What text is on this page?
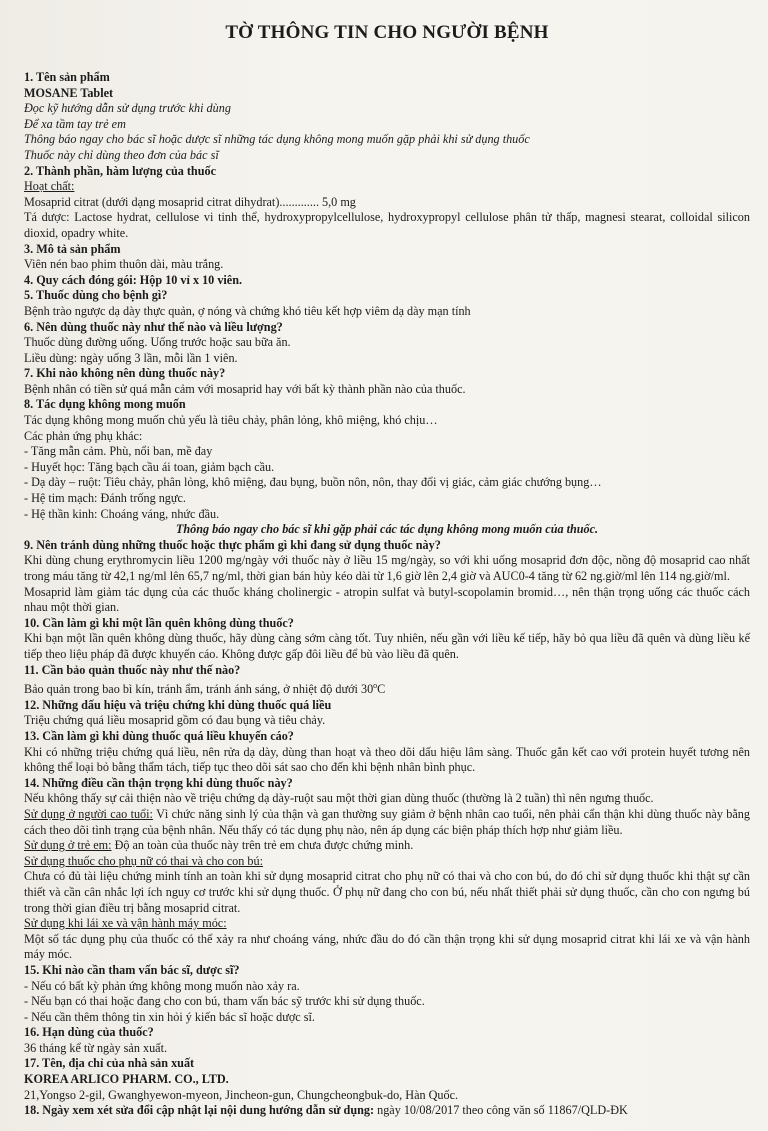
TỜ THÔNG TIN CHO NGƯỜI BỆNH

1. Tên sản phẩm

MOSANE Tablet

Đọc kỹ hướng dẫn sử dụng trước khi dùng

Để xa tầm tay trẻ em

Thông báo ngay cho bác sĩ hoặc dược sĩ những tác dụng không mong muốn gặp phải khi sử dụng thuốc

Thuốc này chỉ dùng theo đơn của bác sĩ

2. Thành phần, hàm lượng của thuốc

Hoạt chất:

Mosaprid citrat (dưới dạng mosaprid citrat dihydrat)............. 5,0 mg

Tá dược: Lactose hydrat, cellulose vi tinh thể, hydroxypropylcellulose, hydroxypropyl cellulose phân tử thấp, magnesi stearat, colloidal silicon dioxid, opadry white.

3. Mô tả sản phẩm

Viên nén bao phim thuôn dài, màu trắng.

4. Quy cách đóng gói: Hộp 10 vỉ x 10 viên.

5. Thuốc dùng cho bệnh gì?

Bệnh trào ngược dạ dày thực quản, ợ nóng và chứng khó tiêu kết hợp viêm dạ dày mạn tính

6. Nên dùng thuốc này như thế nào và liều lượng?

Thuốc dùng đường uống. Uống trước hoặc sau bữa ăn.

Liều dùng: ngày uống 3 lần, mỗi lần 1 viên.

7. Khi nào không nên dùng thuốc này?

Bệnh nhân có tiền sử quá mẫn cảm với mosaprid hay với bất kỳ thành phần nào của thuốc.

8. Tác dụng không mong muốn

Tác dụng không mong muốn chủ yếu là tiêu chảy, phân lỏng, khô miệng, khó chịu…

Các phản ứng phụ khác:

- Tăng mẫn cảm. Phù, nổi ban, mề đay

- Huyết học: Tăng bạch cầu ái toan, giảm bạch cầu.

- Dạ dày – ruột: Tiêu chảy, phân lỏng, khô miệng, đau bụng, buồn nôn, nôn, thay đổi vị giác, cảm giác chướng bụng…

- Hệ tim mạch: Đánh trống ngực.

- Hệ thần kinh: Choáng váng, nhức đầu.

Thông báo ngay cho bác sĩ khi gặp phải các tác dụng không mong muốn của thuốc.

9. Nên tránh dùng những thuốc hoặc thực phẩm gì khi đang sử dụng thuốc này?

Khi dùng chung erythromycin liều 1200 mg/ngày với thuốc này ở liều 15 mg/ngày, so với khi uống mosaprid đơn độc, nồng độ mosaprid cao nhất trong máu tăng từ 42,1 ng/ml lên 65,7 ng/ml, thời gian bán hủy kéo dài từ 1,6 giờ lên 2,4 giờ và AUC0-4 tăng từ 62 ng.giờ/ml lên 114 ng.giờ/ml.

Mosaprid làm giảm tác dụng của các thuốc kháng cholinergic - atropin sulfat và butyl-scopolamin bromid…, nên thận trọng uống các thuốc cách nhau một thời gian.

10. Cần làm gì khi một lần quên không dùng thuốc?

Khi bạn một lần quên không dùng thuốc, hãy dùng càng sớm càng tốt. Tuy nhiên, nếu gần với liều kế tiếp, hãy bỏ qua liều đã quên và dùng liều kế tiếp theo liệu pháp đã được khuyến cáo. Không được gấp đôi liều để bù vào liều đã quên.

11. Cần bảo quản thuốc này như thế nào?

Bảo quản trong bao bì kín, tránh ẩm, tránh ánh sáng, ở nhiệt độ dưới 30$^o$C

12. Những dấu hiệu và triệu chứng khi dùng thuốc quá liều

Triệu chứng quá liều mosaprid gồm có đau bụng và tiêu chảy.

13. Cần làm gì khi dùng thuốc quá liều khuyến cáo?

Khi có những triệu chứng quá liều, nên rửa dạ dày, dùng than hoạt và theo dõi dấu hiệu lâm sàng. Thuốc gắn kết cao với protein huyết tương nên không thể loại bỏ bằng thẩm tách, tiếp tục theo dõi sát sao cho đến khi bệnh nhân bình phục.

14. Những điều cần thận trọng khi dùng thuốc này?

Nếu không thấy sự cải thiện nào về triệu chứng dạ dày-ruột sau một thời gian dùng thuốc (thường là 2 tuần) thì nên ngưng thuốc.

Sử dụng ở người cao tuổi: Vì chức năng sinh lý của thận và gan thường suy giảm ở bệnh nhân cao tuổi, nên phải cẩn thận khi dùng thuốc này bằng cách theo dõi tình trạng của bệnh nhân. Nếu thấy có tác dụng phụ nào, nên áp dụng các biện pháp thích hợp như giảm liều.

Sử dụng ở trẻ em: Độ an toàn của thuốc này trên trẻ em chưa được chứng minh.

Sử dụng thuốc cho phụ nữ có thai và cho con bú:

Chưa có đủ tài liệu chứng minh tính an toàn khi sử dụng mosaprid citrat cho phụ nữ có thai và cho con bú, do đó chỉ sử dụng thuốc khi thật sự cần thiết và cần cân nhắc lợi ích nguy cơ trước khi sử dụng thuốc. Ở phụ nữ đang cho con bú, nếu nhất thiết phải sử dụng thuốc, cần cho con ngưng bú trong thời gian điều trị bằng mosaprid citrat.

Sử dụng khi lái xe và vận hành máy móc:

Một số tác dụng phụ của thuốc có thể xảy ra như choáng váng, nhức đầu do đó cần thận trọng khi sử dụng mosaprid citrat khi lái xe và vận hành máy móc.

15. Khi nào cần tham vấn bác sĩ, dược sĩ?

- Nếu có bất kỳ phản ứng không mong muốn nào xảy ra.

- Nếu bạn có thai hoặc đang cho con bú, tham vấn bác sỹ trước khi sử dụng thuốc.

- Nếu cần thêm thông tin xin hỏi ý kiến bác sĩ hoặc dược sĩ.

16. Hạn dùng của thuốc?

36 tháng kể từ ngày sản xuất.

17. Tên, địa chỉ của nhà sản xuất

KOREA ARLICO PHARM. CO., LTD.

21,Yongso 2-gil, Gwanghyewon-myeon, Jincheon-gun, Chungcheongbuk-do, Hàn Quốc.

18. Ngày xem xét sửa đổi cập nhật lại nội dung hướng dẫn sử dụng: ngày 10/08/2017 theo công văn số 11867/QLD-ĐK
